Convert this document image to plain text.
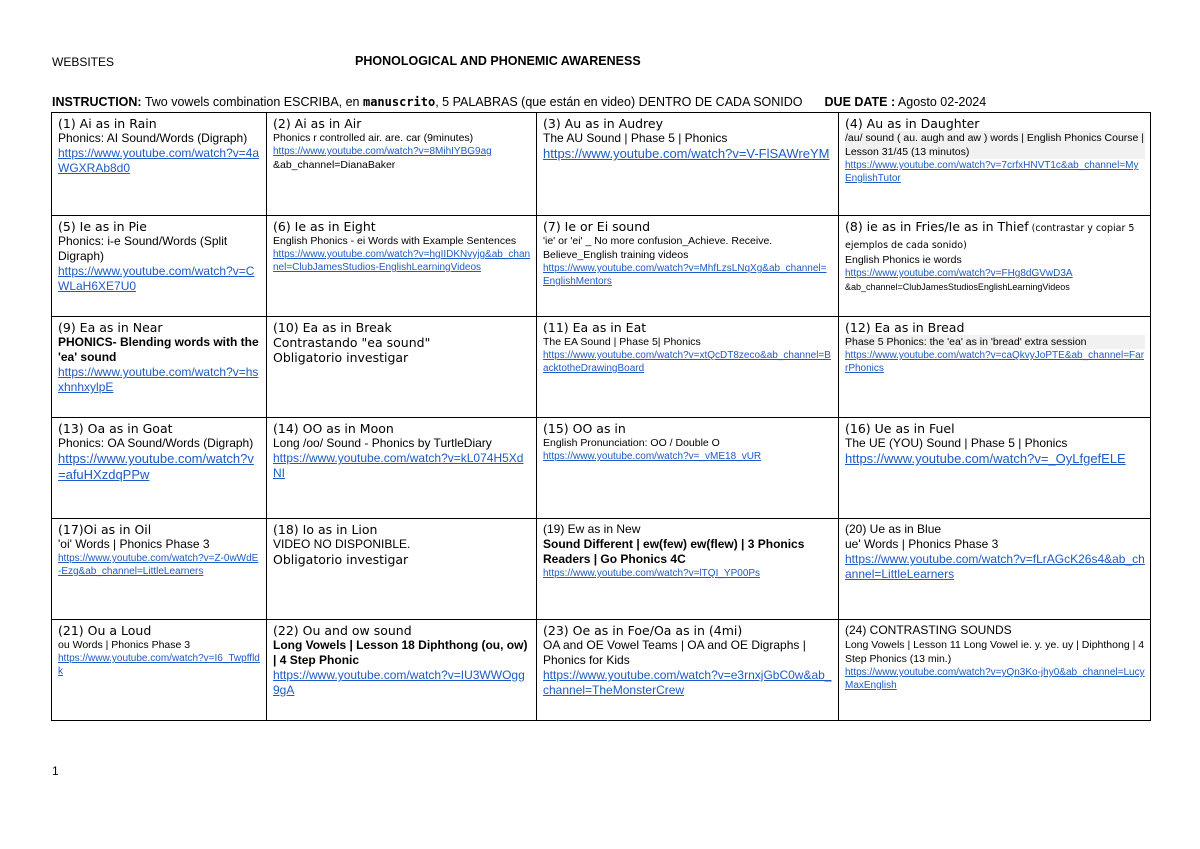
WEBSITES	PHONOLOGICAL AND PHONEMIC AWARENESS
INSTRUCTION: Two vowels combination ESCRIBA, en manuscrito, 5 PALABRAS (que están en video) DENTRO DE CADA SONIDO DUE DATE : Agosto 02-2024
(1) Ai as in Rain
Phonics: AI Sound/Words (Digraph)
https://www.youtube.com/watch?v=4aWGXRAb8d0	(2) Ai as in Air
Phonics r controlled air. are. car (9minutes)
https://www.youtube.com/watch?v=8MihIYBG9ag
&ab_channel=DianaBaker	(3) Au as in Audrey
The AU Sound | Phase 5 | Phonics
https://www.youtube.com/watch?v=V-FlSAWreYM	(4) Au as in Daughter
/au/ sound ( au. augh and aw ) words | English Phonics Course | Lesson 31/45 (13 minutos)
https://www.youtube.com/watch?v=7crfxHNVT1c&ab_channel=MyEnglishTutor

(5) Ie as in Pie
Phonics: i-e Sound/Words (Split Digraph)
https://www.youtube.com/watch?v=CWLaH6XE7U0	(6) Ie as in Eight
English Phonics - ei Words with Example Sentences
https://www.youtube.com/watch?v=hgIIDKNvyjg&ab_channel=ClubJamesStudios-EnglishLearningVideos	(7) Ie or Ei sound
'ie' or 'ei' _ No more confusion_Achieve. Receive. Believe_English training videos
https://www.youtube.com/watch?v=MhfLzsLNqXg&ab_channel=EnglishMentors	(8) ie as in Fries/Ie as in Thief (contrastar y copiar 5 ejemplos de cada sonido)
English Phonics ie words
https://www.youtube.com/watch?v=FHg8dGVwD3A
&ab_channel=ClubJamesStudiosEnglishLearningVideos

(9) Ea as in Near
PHONICS- Blending words with the 'ea' sound
https://www.youtube.com/watch?v=hsxhnhxylpE	(10) Ea as in Break
Contrastando "ea sound"
Obligatorio investigar	(11) Ea as in Eat
The EA Sound | Phase 5| Phonics
https://www.youtube.com/watch?v=xtQcDT8zeco&ab_channel=BacktotheDrawingBoard	(12) Ea as in Bread
Phase 5 Phonics: the 'ea' as in 'bread' extra session
https://www.youtube.com/watch?v=caQkvyJoPTE&ab_channel=FarrPhonics

(13) Oa as in Goat
Phonics: OA Sound/Words (Digraph)
https://www.youtube.com/watch?v=afuHXzdqPPw	(14) OO as in Moon
Long /oo/ Sound - Phonics by TurtleDiary
https://www.youtube.com/watch?v=kL074H5XdNI	(15) OO as in
English Pronunciation: OO / Double O
https://www.youtube.com/watch?v=_vME18_vUR	(16) Ue as in Fuel
The UE (YOU) Sound | Phase 5 | Phonics
https://www.youtube.com/watch?v=_OyLfgefELE

(17)Oi as in Oil
'oi' Words | Phonics Phase 3
https://www.youtube.com/watch?v=Z-0wWdE-Ezg&ab_channel=LittleLearners	(18) Io as in Lion
VIDEO NO DISPONIBLE.
Obligatorio investigar	(19) Ew as in New
Sound Different | ew(few) ew(flew) | 3 Phonics Readers | Go Phonics 4C
https://www.youtube.com/watch?v=lTQI_YP00Ps	(20) Ue as in Blue
ue' Words | Phonics Phase 3
https://www.youtube.com/watch?v=fLrAGcK26s4&ab_channel=LittleLearners

(21) Ou a Loud
ou Words | Phonics Phase 3
https://www.youtube.com/watch?v=I6_Twpffldk	(22) Ou and ow sound
Long Vowels | Lesson 18 Diphthong (ou, ow) | 4 Step Phonic
https://www.youtube.com/watch?v=IU3WWOgg9gA	(23) Oe as in Foe/Oa as in (4mi)
OA and OE Vowel Teams | OA and OE Digraphs | Phonics for Kids
https://www.youtube.com/watch?v=e3rnxjGbC0w&ab_channel=TheMonsterCrew	(24) CONTRASTING SOUNDS
Long Vowels | Lesson 11 Long Vowel ie. y. ye. uy | Diphthong | 4 Step Phonics (13 min.)
https://www.youtube.com/watch?v=yQn3Ko-jhy0&ab_channel=LucyMaxEnglish
1
